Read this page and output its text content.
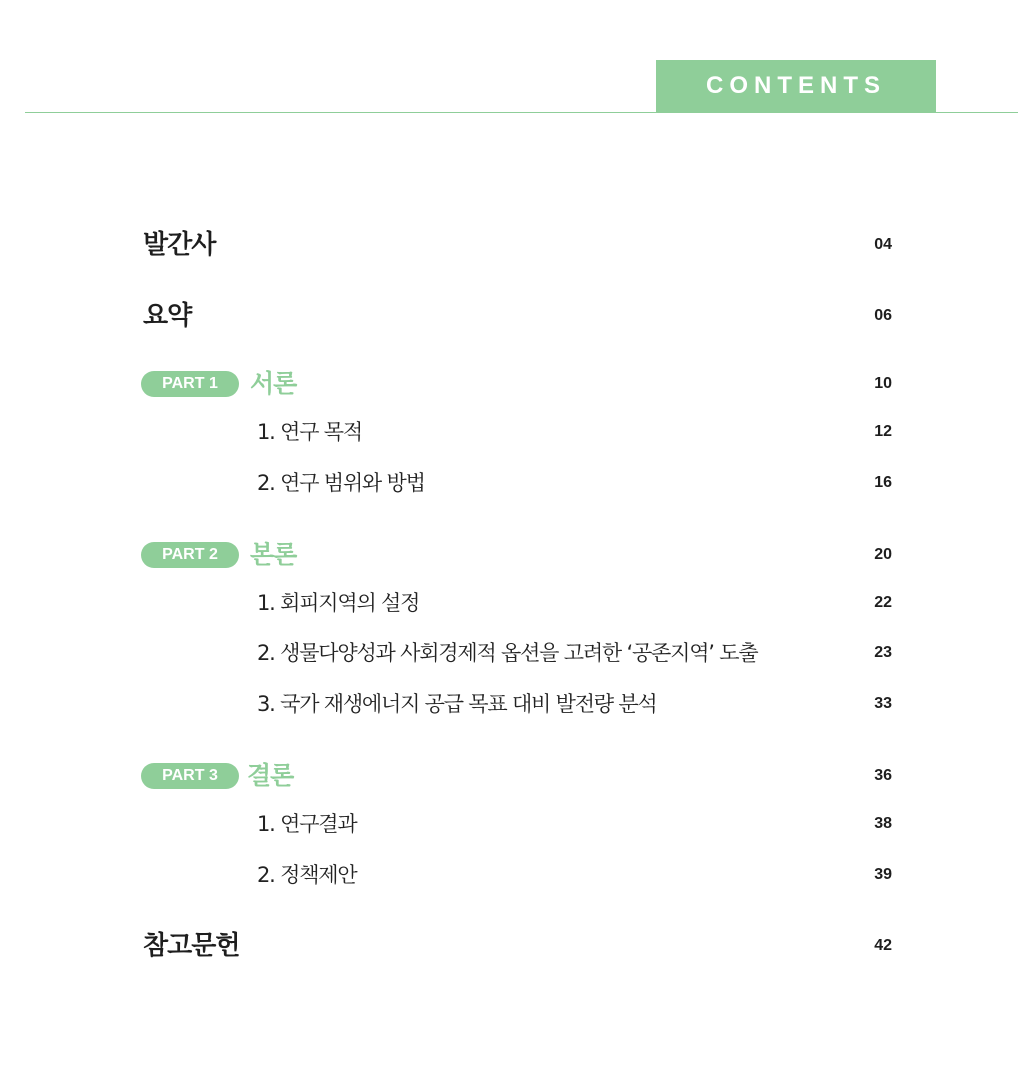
CONTENTS
발간사	04
요약	06
PART 1	서론	10
1. 연구 목적	12
2. 연구 범위와 방법	16
PART 2	본론	20
1. 회피지역의 설정	22
2. 생물다양성과 사회경제적 옵션을 고려한 ‘공존지역’ 도출	23
3. 국가 재생에너지 공급 목표 대비 발전량 분석	33
PART 3	결론	36
1. 연구결과	38
2. 정책제안	39
참고문헌	42
